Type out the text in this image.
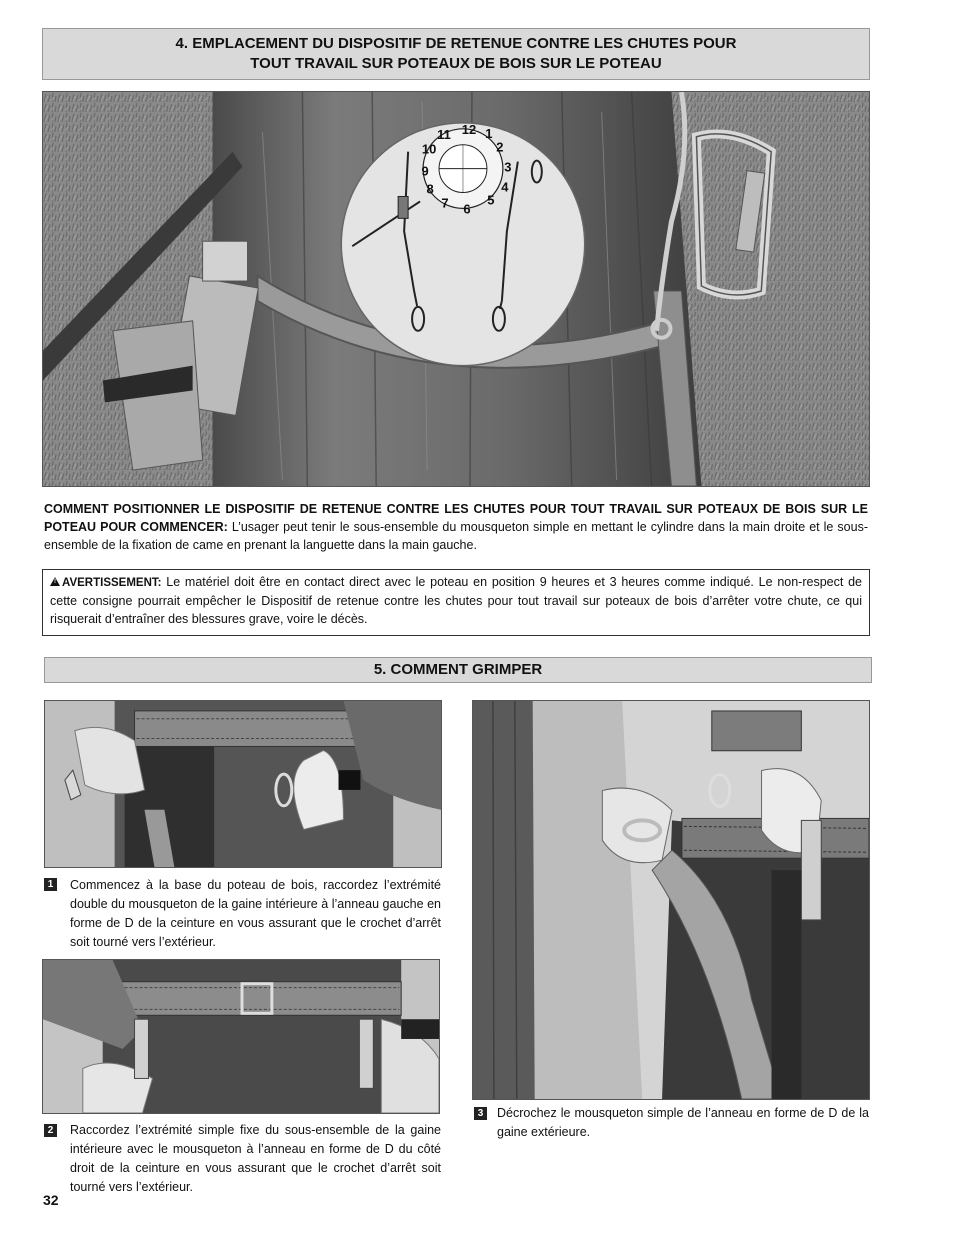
4. EMPLACEMENT DU DISPOSITIF DE RETENUE CONTRE LES CHUTES POUR
TOUT TRAVAIL SUR POTEAUX DE BOIS SUR LE POTEAU
12 1
2
3
4
5
6
7
8
9
10
11
COMMENT POSITIONNER LE DISPOSITIF DE RETENUE CONTRE LES CHUTES POUR TOUT TRAVAIL SUR POTEAUX DE BOIS SUR LE POTEAU POUR COMMENCER: L’usager peut tenir le sous-ensemble du mousqueton simple en mettant le cylindre dans la main droite et le sous-ensemble de la fixation de came en prenant la languette dans la main gauche.
!AVERTISSEMENT: Le matériel doit être en contact direct avec le poteau en position 9 heures et 3 heures comme indiqué. Le non-respect de cette consigne pourrait empêcher le Dispositif de retenue contre les chutes pour tout travail sur poteaux de bois d’arrêter votre chute, ce qui risquerait d’entraîner des blessures grave, voire le décès.
5. COMMENT GRIMPER
1 Commencez à la base du poteau de bois, raccordez l’extrémité double du mousqueton de la gaine intérieure à l’anneau gauche en forme de D de la ceinture en vous assurant que le crochet d’arrêt soit tourné vers l’extérieur.
2 Raccordez l’extrémité simple fixe du sous-ensemble de la gaine intérieure avec le mousqueton à l’anneau en forme de D du côté droit de la ceinture en vous assurant que le crochet d’arrêt soit tourné vers l’extérieur.
3 Décrochez le mousqueton simple de l’anneau en forme de D de la gaine extérieure.
32
